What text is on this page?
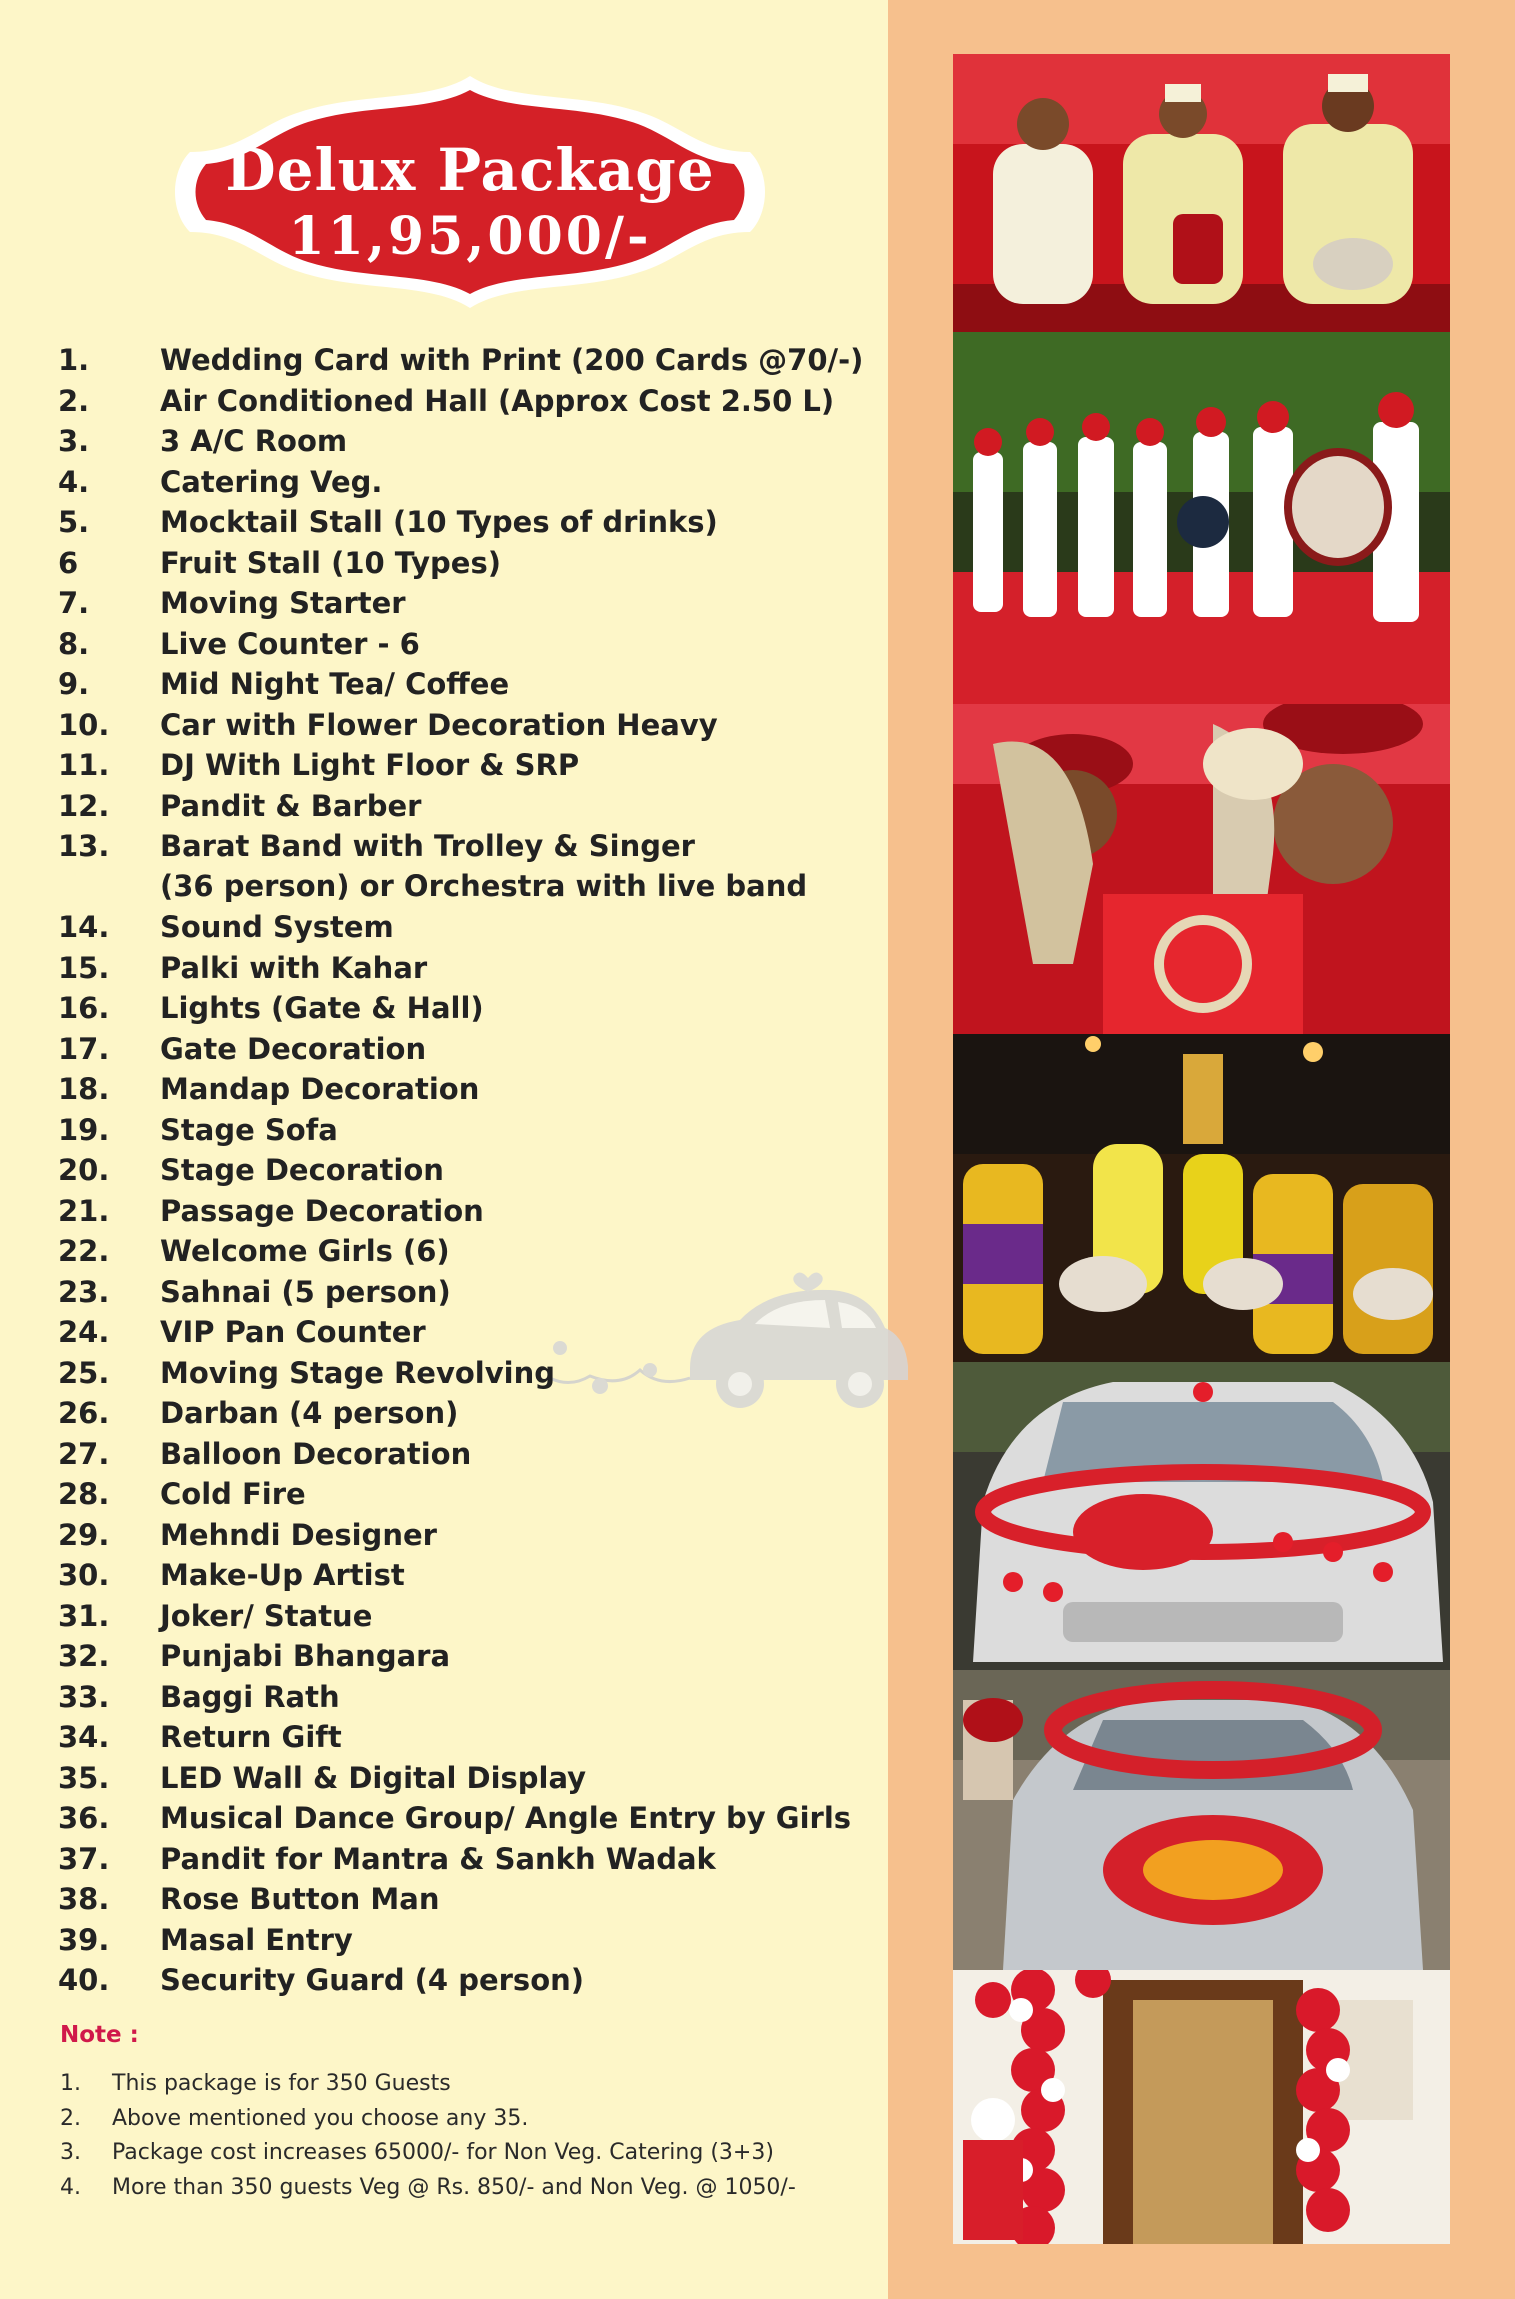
Delux Package
11,95,000/-
1.	Wedding Card with Print (200 Cards @70/-)
2.	Air Conditioned Hall (Approx Cost 2.50 L)
3.	3 A/C Room
4.	Catering Veg.
5.	Mocktail Stall (10 Types of drinks)
6	Fruit Stall (10 Types)
7.	Moving Starter
8.	Live Counter - 6
9.	Mid Night Tea/ Coffee
10.	Car with Flower Decoration Heavy
11.	DJ With Light Floor & SRP
12.	Pandit & Barber
13.	Barat Band with Trolley & Singer
(36 person) or Orchestra with live band
14.	Sound System
15.	Palki with Kahar
16.	Lights (Gate & Hall)
17.	Gate Decoration
18.	Mandap Decoration
19.	Stage Sofa
20.	Stage Decoration
21.	Passage Decoration
22.	Welcome Girls (6)
23.	Sahnai (5 person)
24.	VIP Pan Counter
25.	Moving Stage Revolving
26.	Darban (4 person)
27.	Balloon Decoration
28.	Cold Fire
29.	Mehndi Designer
30.	Make-Up Artist
31.	Joker/ Statue
32.	Punjabi Bhangara
33.	Baggi Rath
34.	Return Gift
35.	LED Wall & Digital Display
36.	Musical Dance Group/ Angle Entry by Girls
37.	Pandit for Mantra & Sankh Wadak
38.	Rose Button Man
39.	Masal Entry
40.	Security Guard (4 person)
Note :
1.	This package is for 350 Guests
2.	Above mentioned you choose any 35.
3.	Package cost increases 65000/- for Non Veg. Catering (3+3)
4.	More than 350 guests Veg @ Rs. 850/- and Non Veg. @ 1050/-
